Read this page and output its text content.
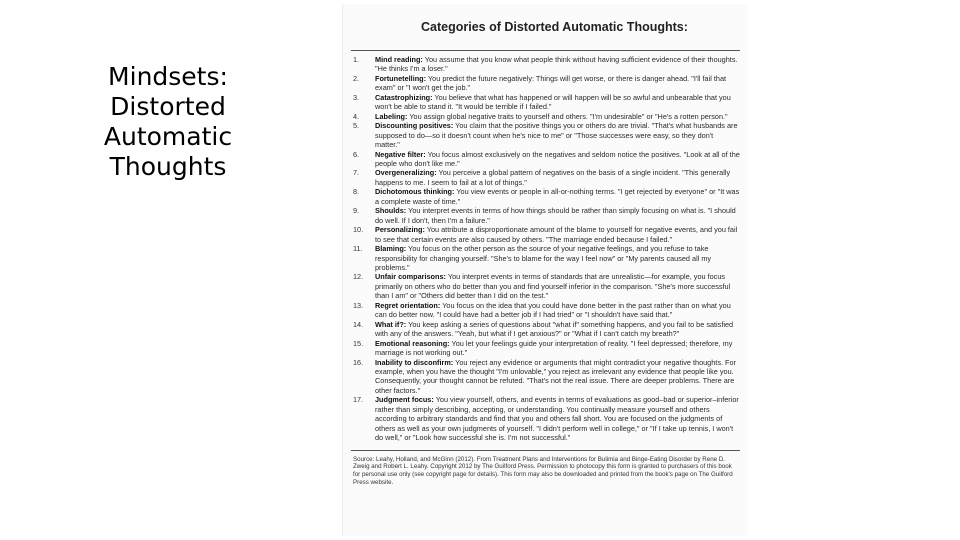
Mindsets:
Distorted
Automatic
Thoughts
Categories of Distorted Automatic Thoughts:
1. Mind reading: You assume that you know what people think without having sufficient evidence of their thoughts. "He thinks I'm a loser."
2. Fortunetelling: You predict the future negatively: Things will get worse, or there is danger ahead. "I'll fail that exam" or "I won't get the job."
3. Catastrophizing: You believe that what has happened or will happen will be so awful and unbearable that you won't be able to stand it. "It would be terrible if I failed."
4. Labeling: You assign global negative traits to yourself and others. "I'm undesirable" or "He's a rotten person."
5. Discounting positives: You claim that the positive things you or others do are trivial. "That's what husbands are supposed to do—so it doesn't count when he's nice to me" or "Those successes were easy, so they don't matter."
6. Negative filter: You focus almost exclusively on the negatives and seldom notice the positives. "Look at all of the people who don't like me."
7. Overgeneralizing: You perceive a global pattern of negatives on the basis of a single incident. "This generally happens to me. I seem to fail at a lot of things."
8. Dichotomous thinking: You view events or people in all-or-nothing terms. "I get rejected by everyone" or "It was a complete waste of time."
9. Shoulds: You interpret events in terms of how things should be rather than simply focusing on what is. "I should do well. If I don't, then I'm a failure."
10. Personalizing: You attribute a disproportionate amount of the blame to yourself for negative events, and you fail to see that certain events are also caused by others. "The marriage ended because I failed."
11. Blaming: You focus on the other person as the source of your negative feelings, and you refuse to take responsibility for changing yourself. "She's to blame for the way I feel now" or "My parents caused all my problems."
12. Unfair comparisons: You interpret events in terms of standards that are unrealistic—for example, you focus primarily on others who do better than you and find yourself inferior in the comparison. "She's more successful than I am" or "Others did better than I did on the test."
13. Regret orientation: You focus on the idea that you could have done better in the past rather than on what you can do better now. "I could have had a better job if I had tried" or "I shouldn't have said that."
14. What if?: You keep asking a series of questions about "what if" something happens, and you fail to be satisfied with any of the answers. "Yeah, but what if I get anxious?" or "What if I can't catch my breath?"
15. Emotional reasoning: You let your feelings guide your interpretation of reality. "I feel depressed; therefore, my marriage is not working out."
16. Inability to disconfirm: You reject any evidence or arguments that might contradict your negative thoughts. For example, when you have the thought "I'm unlovable," you reject as irrelevant any evidence that people like you. Consequently, your thought cannot be refuted. "That's not the real issue. There are deeper problems. There are other factors."
17. Judgment focus: You view yourself, others, and events in terms of evaluations as good–bad or superior–inferior rather than simply describing, accepting, or understanding. You continually measure yourself and others according to arbitrary standards and find that you and others fall short. You are focused on the judgments of others as well as your own judgments of yourself. "I didn't perform well in college," or "If I take up tennis, I won't do well," or "Look how successful she is. I'm not successful."
Source: Leahy, Holland, and McGinn (2012). From Treatment Plans and Interventions for Bulimia and Binge-Eating Disorder by Rene D. Zweig and Robert L. Leahy. Copyright 2012 by The Guilford Press. Permission to photocopy this form is granted to purchasers of this book for personal use only (see copyright page for details). This form may also be downloaded and printed from the book's page on The Guilford Press website.
